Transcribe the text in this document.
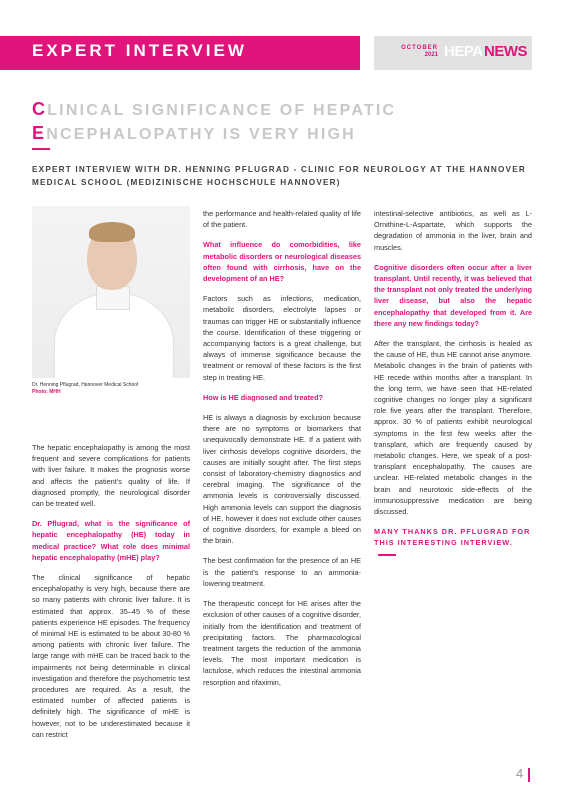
EXPERT INTERVIEW	OCTOBER
2021 HEPA NEWS
CLINICAL SIGNIFICANCE OF HEPATIC
ENCEPHALOPATHY IS VERY HIGH
EXPERT INTERVIEW WITH DR. HENNING PFLUGRAD - CLINIC FOR NEUROLOGY AT THE HANNOVER MEDICAL SCHOOL (MEDIZINISCHE HOCHSCHULE HANNOVER)
Dr. Henning Pflugrad, Hannover Medical School
Photo: MHH

The hepatic encephalopathy is among the most frequent and severe complications for patients with liver failure. It makes the prognosis worse and affects the patient’s quality of life. If diagnosed promptly, the neurological disorder can be treated well.

Dr. Pflugrad, what is the significance of hepatic encephalopathy (HE) today in medical practice? What role does minimal hepatic encephalopathy (mHE) play?

The clinical significance of hepatic encephalopathy is very high, because there are so many patients with chronic liver failure. It is estimated that approx. 35–45 % of these patients experience HE episodes. The frequency of minimal HE is estimated to be about 30-80 % among patients with chronic liver failure. The large range with mHE can be traced back to the impairments not being determinable in clinical investigation and therefore the psychometric test procedures are required. As a result, the estimated number of affected patients is definitely high. The significance of mHE is however, not to be underestimated because it can restrict

the performance and health-related quality of life of the patient.

What influence do comorbidities, like metabolic disorders or neurological diseases often found with cirrhosis, have on the development of an HE?

Factors such as infections, medication, metabolic disorders, electrolyte lapses or traumas can trigger HE or substantially influence the course. Identification of these triggering or accompanying factors is a great challenge, but always of immense significance because the treatment or removal of these factors is the first step in treating HE.

How is HE diagnosed and treated?

HE is always a diagnosis by exclusion because there are no symptoms or biomarkers that unequivocally demonstrate HE. If a patient with liver cirrhosis develops cognitive disorders, the causes are initially sought after. The first steps consist of laboratory-chemistry diagnostics and cerebral imaging. The significance of the ammonia levels is controversially discussed. High ammonia levels can support the diagnosis of HE, however it does not exclude other causes of cognitive disorders, for example a bleed on the brain.

The best confirmation for the presence of an HE is the patient’s response to an ammonia-lowering treatment.

The therapeutic concept for HE arises after the exclusion of other causes of a cognitive disorder, initially from the identification and treatment of precipitating factors. The pharmacological treatment targets the reduction of the ammonia levels. The most important medication is lactulose, which reduces the intestinal ammonia resorption and rifaximin,

intestinal-selective antibiotics, as well as L-Ornithine-L-Aspartate, which supports the degradation of ammonia in the liver, brain and muscles.

Cognitive disorders often occur after a liver transplant. Until recently, it was believed that the transplant not only treated the underlying liver disease, but also the hepatic encephalopathy that developed from it. Are there any new findings today?

After the transplant, the cirrhosis is healed as the cause of HE, thus HE cannot arise anymore. Metabolic changes in the brain of patients with HE recede within months after a transplant. In the long term, we have seen that HE-related cognitive changes no longer play a significant role five years after the transplant. Therefore, approx. 30 % of patients exhibit neurological symptoms in the first few weeks after the transplant, which are frequently caused by metabolic changes. Here, we speak of a post-transplant encephalopathy. The causes are unclear. HE-related metabolic changes in the brain and neurotoxic side-effects of the immunosuppressive medication are being discussed.

MANY THANKS DR. PFLUGRAD FOR THIS INTERESTING INTERVIEW.

4
